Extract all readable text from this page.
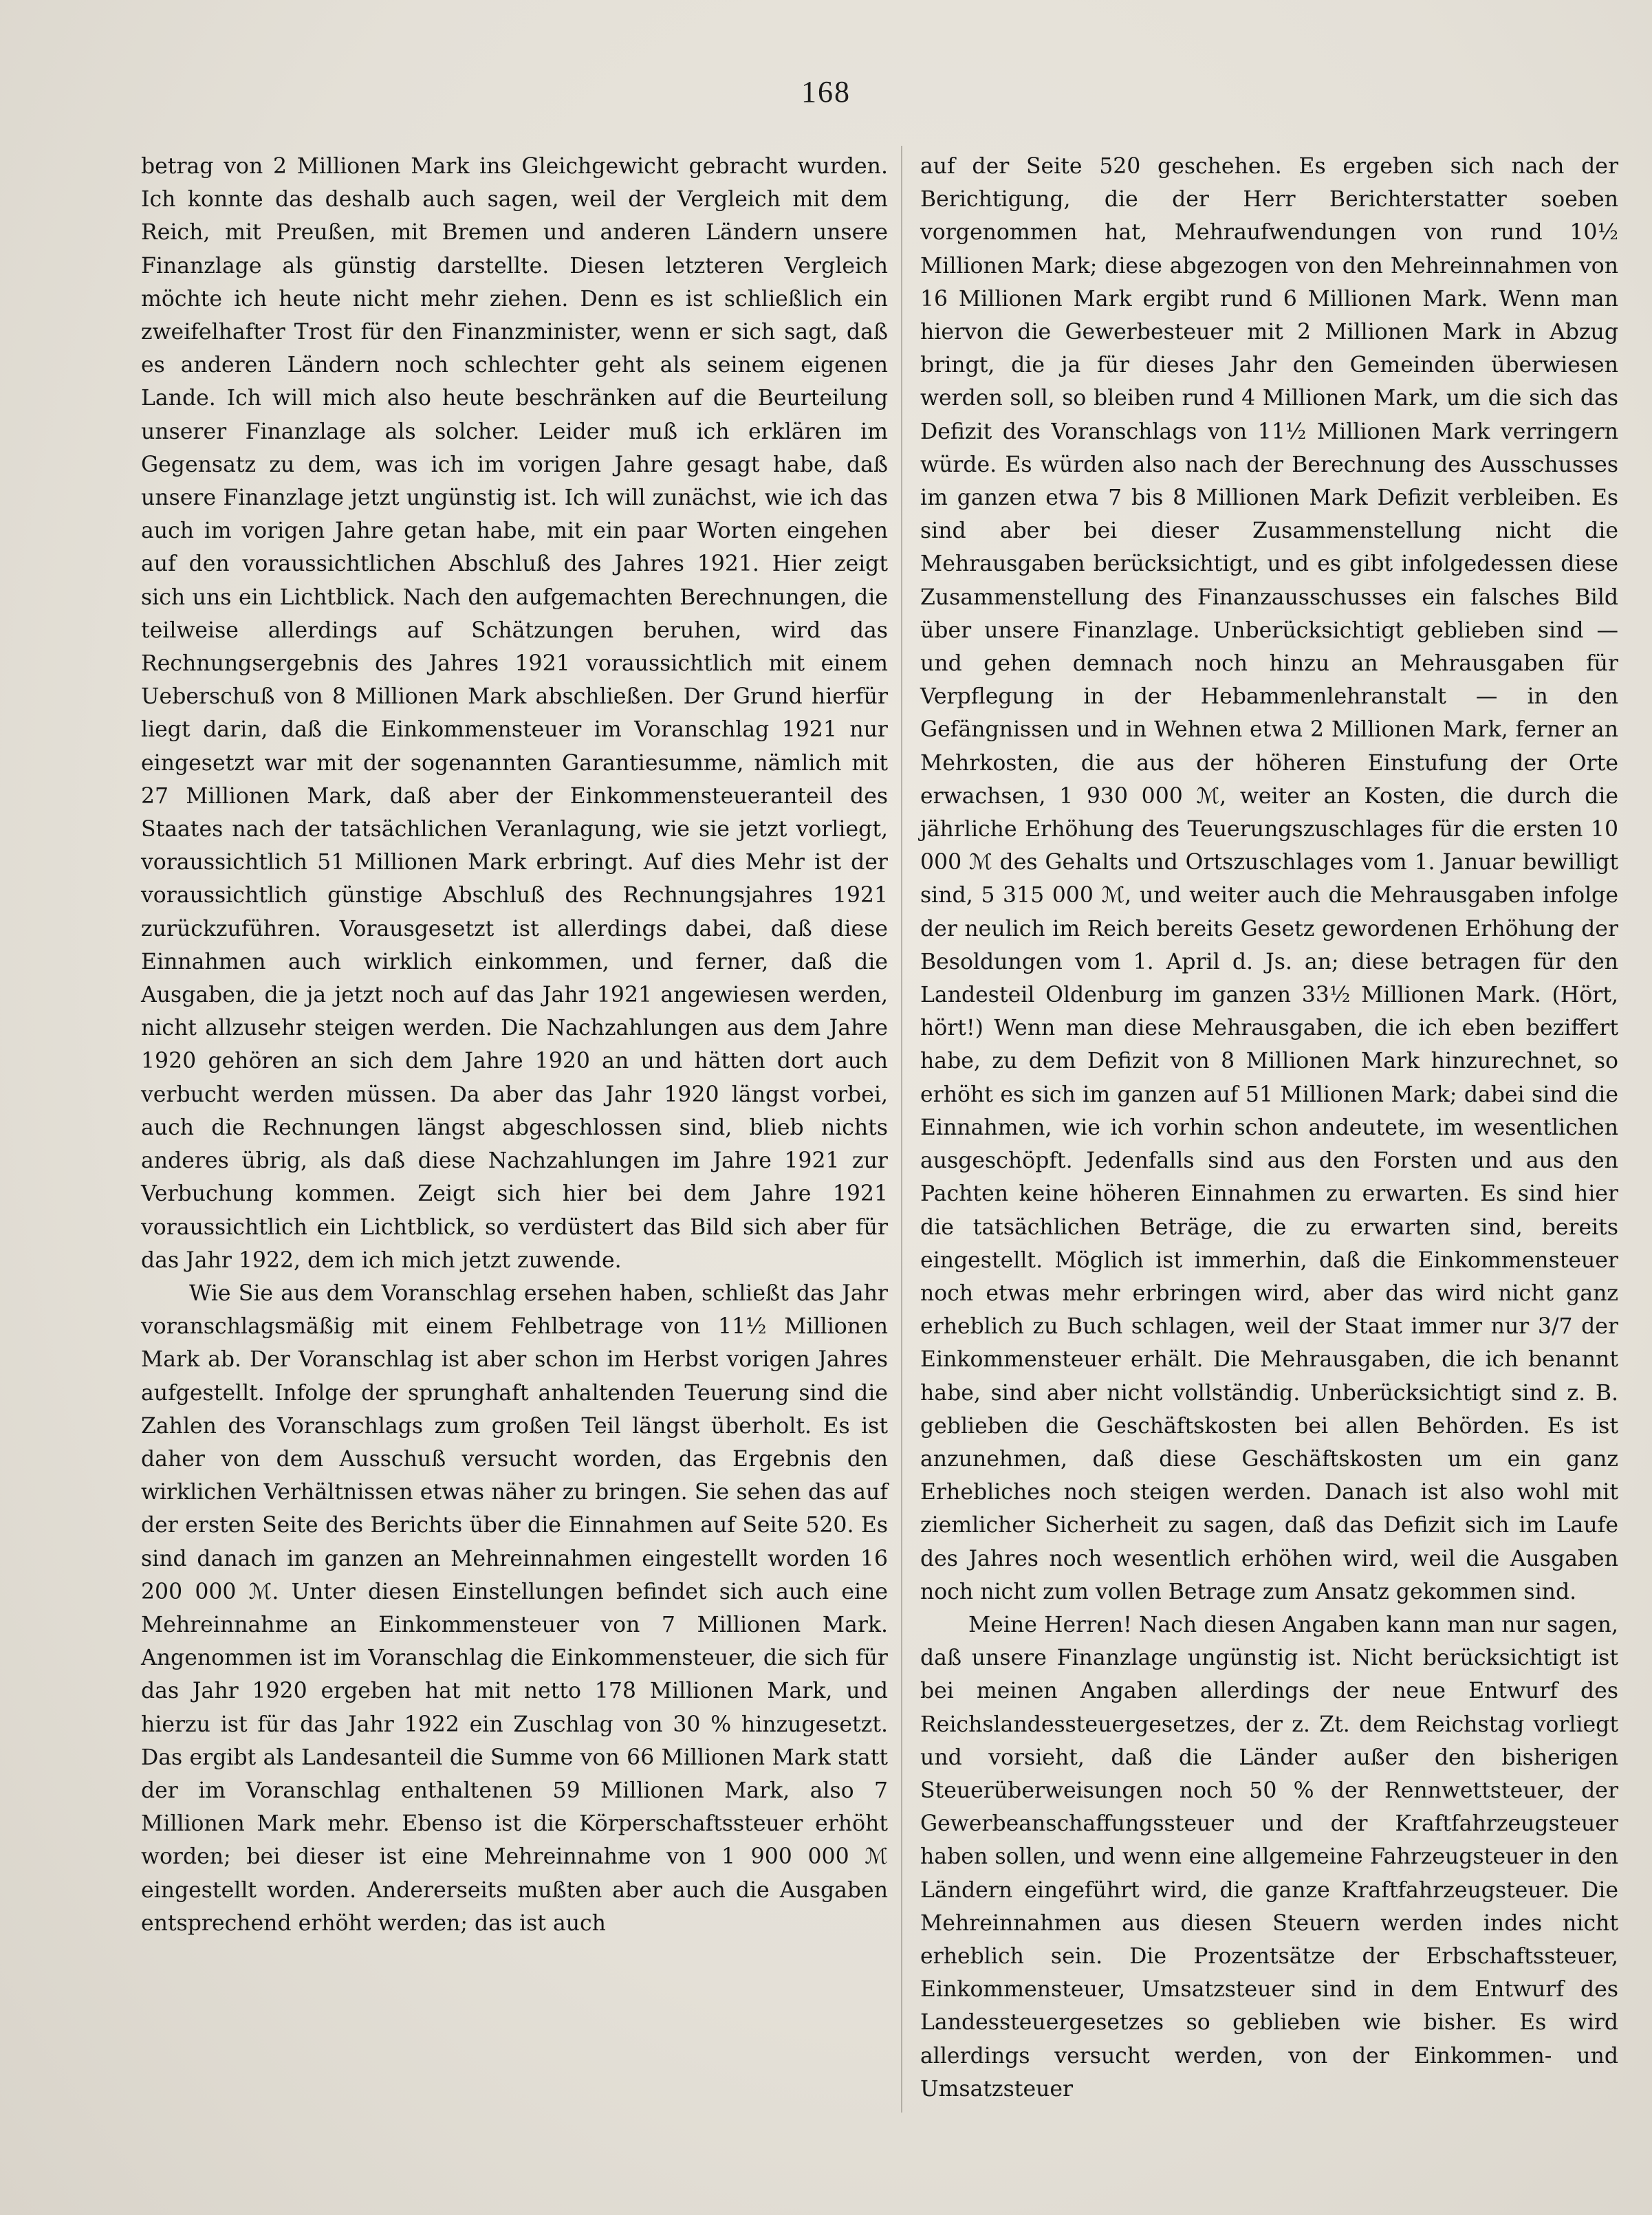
168

betrag von 2 Millionen Mark ins Gleichgewicht gebracht wurden. Ich konnte das deshalb auch sagen, weil der Vergleich mit dem Reich, mit Preußen, mit Bremen und anderen Ländern unsere Finanzlage als günstig darstellte. Diesen letzteren Vergleich möchte ich heute nicht mehr ziehen. Denn es ist schließlich ein zweifelhafter Trost für den Finanzminister, wenn er sich sagt, daß es anderen Ländern noch schlechter geht als seinem eigenen Lande. Ich will mich also heute beschränken auf die Beurteilung unserer Finanzlage als solcher. Leider muß ich erklären im Gegensatz zu dem, was ich im vorigen Jahre gesagt habe, daß unsere Finanzlage jetzt ungünstig ist. Ich will zunächst, wie ich das auch im vorigen Jahre getan habe, mit ein paar Worten eingehen auf den voraussichtlichen Abschluß des Jahres 1921. Hier zeigt sich uns ein Lichtblick. Nach den aufgemachten Berechnungen, die teilweise allerdings auf Schätzungen beruhen, wird das Rechnungsergebnis des Jahres 1921 voraussichtlich mit einem Ueberschuß von 8 Millionen Mark abschließen. Der Grund hierfür liegt darin, daß die Einkommensteuer im Voranschlag 1921 nur eingesetzt war mit der sogenannten Garantiesumme, nämlich mit 27 Millionen Mark, daß aber der Einkommensteueranteil des Staates nach der tatsächlichen Veranlagung, wie sie jetzt vorliegt, voraussichtlich 51 Millionen Mark erbringt. Auf dies Mehr ist der voraussichtlich günstige Abschluß des Rechnungsjahres 1921 zurückzuführen. Vorausgesetzt ist allerdings dabei, daß diese Einnahmen auch wirklich einkommen, und ferner, daß die Ausgaben, die ja jetzt noch auf das Jahr 1921 angewiesen werden, nicht allzusehr steigen werden. Die Nachzahlungen aus dem Jahre 1920 gehören an sich dem Jahre 1920 an und hätten dort auch verbucht werden müssen. Da aber das Jahr 1920 längst vorbei, auch die Rechnungen längst abgeschlossen sind, blieb nichts anderes übrig, als daß diese Nachzahlungen im Jahre 1921 zur Verbuchung kommen. Zeigt sich hier bei dem Jahre 1921 voraussichtlich ein Lichtblick, so verdüstert das Bild sich aber für das Jahr 1922, dem ich mich jetzt zuwende.

Wie Sie aus dem Voranschlag ersehen haben, schließt das Jahr voranschlagsmäßig mit einem Fehlbetrage von 11½ Millionen Mark ab. Der Voranschlag ist aber schon im Herbst vorigen Jahres aufgestellt. Infolge der sprunghaft anhaltenden Teuerung sind die Zahlen des Voranschlags zum großen Teil längst überholt. Es ist daher von dem Ausschuß versucht worden, das Ergebnis den wirklichen Verhältnissen etwas näher zu bringen. Sie sehen das auf der ersten Seite des Berichts über die Einnahmen auf Seite 520. Es sind danach im ganzen an Mehreinnahmen eingestellt worden 16 200 000 ℳ. Unter diesen Einstellungen befindet sich auch eine Mehreinnahme an Einkommensteuer von 7 Millionen Mark. Angenommen ist im Voranschlag die Einkommensteuer, die sich für das Jahr 1920 ergeben hat mit netto 178 Millionen Mark, und hierzu ist für das Jahr 1922 ein Zuschlag von 30 % hinzugesetzt. Das ergibt als Landesanteil die Summe von 66 Millionen Mark statt der im Voranschlag enthaltenen 59 Millionen Mark, also 7 Millionen Mark mehr. Ebenso ist die Körperschaftssteuer erhöht worden; bei dieser ist eine Mehreinnahme von 1 900 000 ℳ eingestellt worden. Andererseits mußten aber auch die Ausgaben entsprechend erhöht werden; das ist auch

auf der Seite 520 geschehen. Es ergeben sich nach der Berichtigung, die der Herr Berichterstatter soeben vorgenommen hat, Mehraufwendungen von rund 10½ Millionen Mark; diese abgezogen von den Mehreinnahmen von 16 Millionen Mark ergibt rund 6 Millionen Mark. Wenn man hiervon die Gewerbesteuer mit 2 Millionen Mark in Abzug bringt, die ja für dieses Jahr den Gemeinden überwiesen werden soll, so bleiben rund 4 Millionen Mark, um die sich das Defizit des Voranschlags von 11½ Millionen Mark verringern würde. Es würden also nach der Berechnung des Ausschusses im ganzen etwa 7 bis 8 Millionen Mark Defizit verbleiben. Es sind aber bei dieser Zusammenstellung nicht die Mehrausgaben berücksichtigt, und es gibt infolgedessen diese Zusammenstellung des Finanzausschusses ein falsches Bild über unsere Finanzlage. Unberücksichtigt geblieben sind — und gehen demnach noch hinzu an Mehrausgaben für Verpflegung in der Hebammenlehranstalt — in den Gefängnissen und in Wehnen etwa 2 Millionen Mark, ferner an Mehrkosten, die aus der höheren Einstufung der Orte erwachsen, 1 930 000 ℳ, weiter an Kosten, die durch die jährliche Erhöhung des Teuerungszuschlages für die ersten 10 000 ℳ des Gehalts und Ortszuschlages vom 1. Januar bewilligt sind, 5 315 000 ℳ, und weiter auch die Mehrausgaben infolge der neulich im Reich bereits Gesetz gewordenen Erhöhung der Besoldungen vom 1. April d. Js. an; diese betragen für den Landesteil Oldenburg im ganzen 33½ Millionen Mark. (Hört, hört!) Wenn man diese Mehrausgaben, die ich eben beziffert habe, zu dem Defizit von 8 Millionen Mark hinzurechnet, so erhöht es sich im ganzen auf 51 Millionen Mark; dabei sind die Einnahmen, wie ich vorhin schon andeutete, im wesentlichen ausgeschöpft. Jedenfalls sind aus den Forsten und aus den Pachten keine höheren Einnahmen zu erwarten. Es sind hier die tatsächlichen Beträge, die zu erwarten sind, bereits eingestellt. Möglich ist immerhin, daß die Einkommensteuer noch etwas mehr erbringen wird, aber das wird nicht ganz erheblich zu Buch schlagen, weil der Staat immer nur 3/7 der Einkommensteuer erhält. Die Mehrausgaben, die ich benannt habe, sind aber nicht vollständig. Unberücksichtigt sind z. B. geblieben die Geschäftskosten bei allen Behörden. Es ist anzunehmen, daß diese Geschäftskosten um ein ganz Erhebliches noch steigen werden. Danach ist also wohl mit ziemlicher Sicherheit zu sagen, daß das Defizit sich im Laufe des Jahres noch wesentlich erhöhen wird, weil die Ausgaben noch nicht zum vollen Betrage zum Ansatz gekommen sind.

Meine Herren! Nach diesen Angaben kann man nur sagen, daß unsere Finanzlage ungünstig ist. Nicht berücksichtigt ist bei meinen Angaben allerdings der neue Entwurf des Reichslandessteuergesetzes, der z. Zt. dem Reichstag vorliegt und vorsieht, daß die Länder außer den bisherigen Steuerüberweisungen noch 50 % der Rennwettsteuer, der Gewerbeanschaffungssteuer und der Kraftfahrzeugsteuer haben sollen, und wenn eine allgemeine Fahrzeugsteuer in den Ländern eingeführt wird, die ganze Kraftfahrzeugsteuer. Die Mehreinnahmen aus diesen Steuern werden indes nicht erheblich sein. Die Prozentsätze der Erbschaftssteuer, Einkommensteuer, Umsatzsteuer sind in dem Entwurf des Landessteuergesetzes so geblieben wie bisher. Es wird allerdings versucht werden, von der Einkommen- und Umsatzsteuer
